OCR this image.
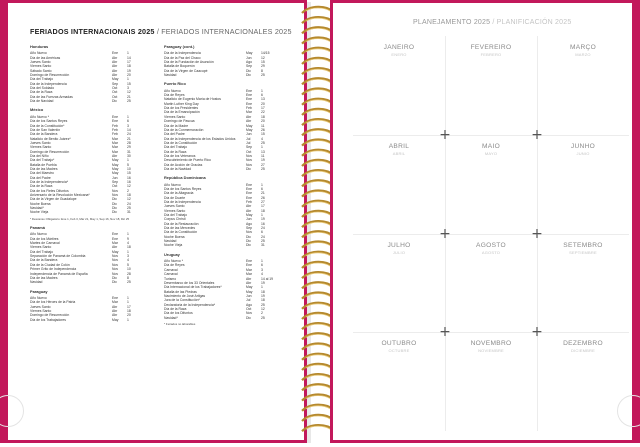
FERIADOS INTERNACIONAIS 2025 / FERIADOS INTERNACIONALES 2025
Honduras
Año Nuevo	Ene	1
Día de las Américas	Abr	14
Jueves Santo	Abr	17
Viernes Santo	Abr	18
Sábado Santo	Abr	19
Domingo de Resurrección	Abr	20
Día del Trabajo	May	1
Día de la Independencia	Sep	15
Día del Soldado	Oct	3
Día de la Raza	Oct	12
Día de las Fuerzas Armadas	Oct	21
Día de Navidad	Dic	25
México
Año Nuevo *	Ene	1
Día de los Santos Reyes	Ene	6
Día de la Constitución*	Feb	3
Día de San Valentín	Feb	14
Día de la Bandera	Feb	24
Natalicio de Benito Juárez*	Mar	21
Jueves Santo	Mar	28
Viernes Santo	Mar	29
Domingo de Resurrección	Mar	31
Día del Niño	Abr	30
Día del Trabajo*	May	1
Batalla de Puebla	May	5
Día de las Madres	May	10
Día del Maestro	May	15
Día del Padre	Jun	16
Día de la Independencia*	Sep	16
Día de la Raza	Oct	12
Día de los Fieles Difuntos	Nov	2
Aniversario de la Revolución Mexicana*	Nov	18
Día de la Virgen de Guadalupe	Dic	12
Noche Buena	Dic	24
Navidad*	Dic	25
Noche Vieja	Dic	31
* Descanso Obligatorio: Ene 1, Feb 3, Mar 21, May 1, Sep 16, Nov 18, Dic 25
Panamá
Año Nuevo	Ene	1
Día de los Mártires	Ene	9
Martes de Carnaval	Mar	4
Viernes Santo	Abr	18
Día del Trabajo	May	1
Separación de Panamá de Colombia	Nov	3
Día de la Bandera	Nov	4
Día de la Ciudad de Colón	Nov	5
Primer Grito de Independencia	Nov	10
Independencia de Panamá de España	Nov	28
Día de las Madres	Dic	8
Navidad	Dic	25
Paraguay
Año Nuevo	Ene	1
Día de los Héroes de la Patria	Mar	1
Jueves Santo	Abr	17
Viernes Santo	Abr	18
Domingo de Resurrección	Abr	20
Día de los Trabajadores	May	1
Paraguay (cont.)
Día de la Independencia	May	14/15
Día de la Paz del Chaco	Jun	12
Día de la Fundación de Asunción	Ago	15
Batalla de Boquerón	Sep	29
Día de la Virgen de Caacupé	Dic	8
Navidad	Dic	25
Puerto Rico
Año Nuevo	Ene	1
Día de Reyes	Ene	6
Natalicio de Eugenio María de Hostos	Ene	13
Martin Luther King Day	Ene	20
Día de los Presidentes	Feb	17
Día de la Emancipación	Mar	22
Viernes Santo	Abr	18
Domingo de Pascua	Abr	20
Día de la Madre	May	11
Día de la Conmemoración	May	26
Día del Padre	Jun	15
Día de la Independencia de los Estados Unidos	Jul	4
Día de la Constitución	Jul	25
Día del Trabajo	Sep	1
Día de la Raza	Oct	13
Día de los Veteranos	Nov	11
Descubrimiento de Puerto Rico	Nov	19
Día de Acción de Gracias	Nov	27
Día de la Navidad	Dic	25
República Dominicana
Año Nuevo	Ene	1
Día de los Santos Reyes	Ene	6
Día de la Altagracia	Ene	21
Día de Duarte	Ene	26
Día de la Independencia	Feb	27
Jueves Santo	Abr	17
Viernes Santo	Abr	18
Día del Trabajo	May	1
Corpus Christi	Jun	19
Día de la Restauración	Ago	16
Día de las Mercedes	Sep	24
Día de la Constitución	Nov	6
Noche Buena	Dic	24
Navidad	Dic	25
Noche Vieja	Dic	31
Uruguay
Año Nuevo *	Ene	1
Día de Reyes	Ene	6
Carnaval	Mar	3
Carnaval	Mar	4
Turismo	Abr	14 al 19
Desembarco de los 33 Orientales	Abr	19
Día Internacional de los Trabajadores*	May	1
Batalla de las Piedras	May	18
Nacimiento de José Artigas	Jun	19
Jura de la Constitución*	Jul	18
Declaratoria de la Independencia*	Ago	25
Día de la Raza	Oct	12
Día de los Difuntos	Nov	2
Navidad*	Dic	25
* Feriados no laborables
PLANEJAMENTO 2025 / PLANIFICACIÓN 2025
JANEIRO
ENERO
FEVEREIRO
FEBRERO
MARÇO
MARZO
ABRIL
ABRIL
MAIO
MAYO
JUNHO
JUNIO
JULHO
JULIO
AGOSTO
AGOSTO
SETEMBRO
SEPTIEMBRE
OUTUBRO
OCTUBRE
NOVEMBRO
NOVIEMBRE
DEZEMBRO
DICIEMBRE
+	+
+	+
+	+
